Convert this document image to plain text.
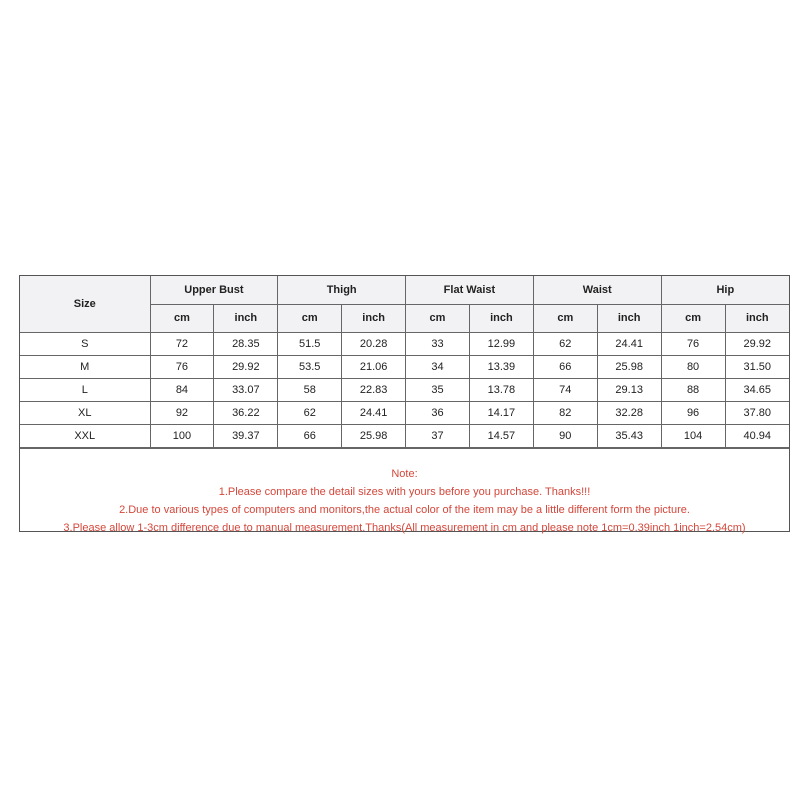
Size	Upper Bust		Thigh		Flat Waist		Waist		Hip	
	cm	inch	cm	inch	cm	inch	cm	inch	cm	inch
S	72	28.35	51.5	20.28	33	12.99	62	24.41	76	29.92
M	76	29.92	53.5	21.06	34	13.39	66	25.98	80	31.50
L	84	33.07	58	22.83	35	13.78	74	29.13	88	34.65
XL	92	36.22	62	24.41	36	14.17	82	32.28	96	37.80
XXL	100	39.37	66	25.98	37	14.57	90	35.43	104	40.94
Note:
1.Please compare the detail sizes with yours before you purchase. Thanks!!!
2.Due to various types of computers and monitors,the actual color of the item may be a little different form the picture.
3.Please allow 1-3cm difference due to manual measurement.Thanks(All measurement in cm and please note 1cm=0.39inch 1inch=2.54cm)
